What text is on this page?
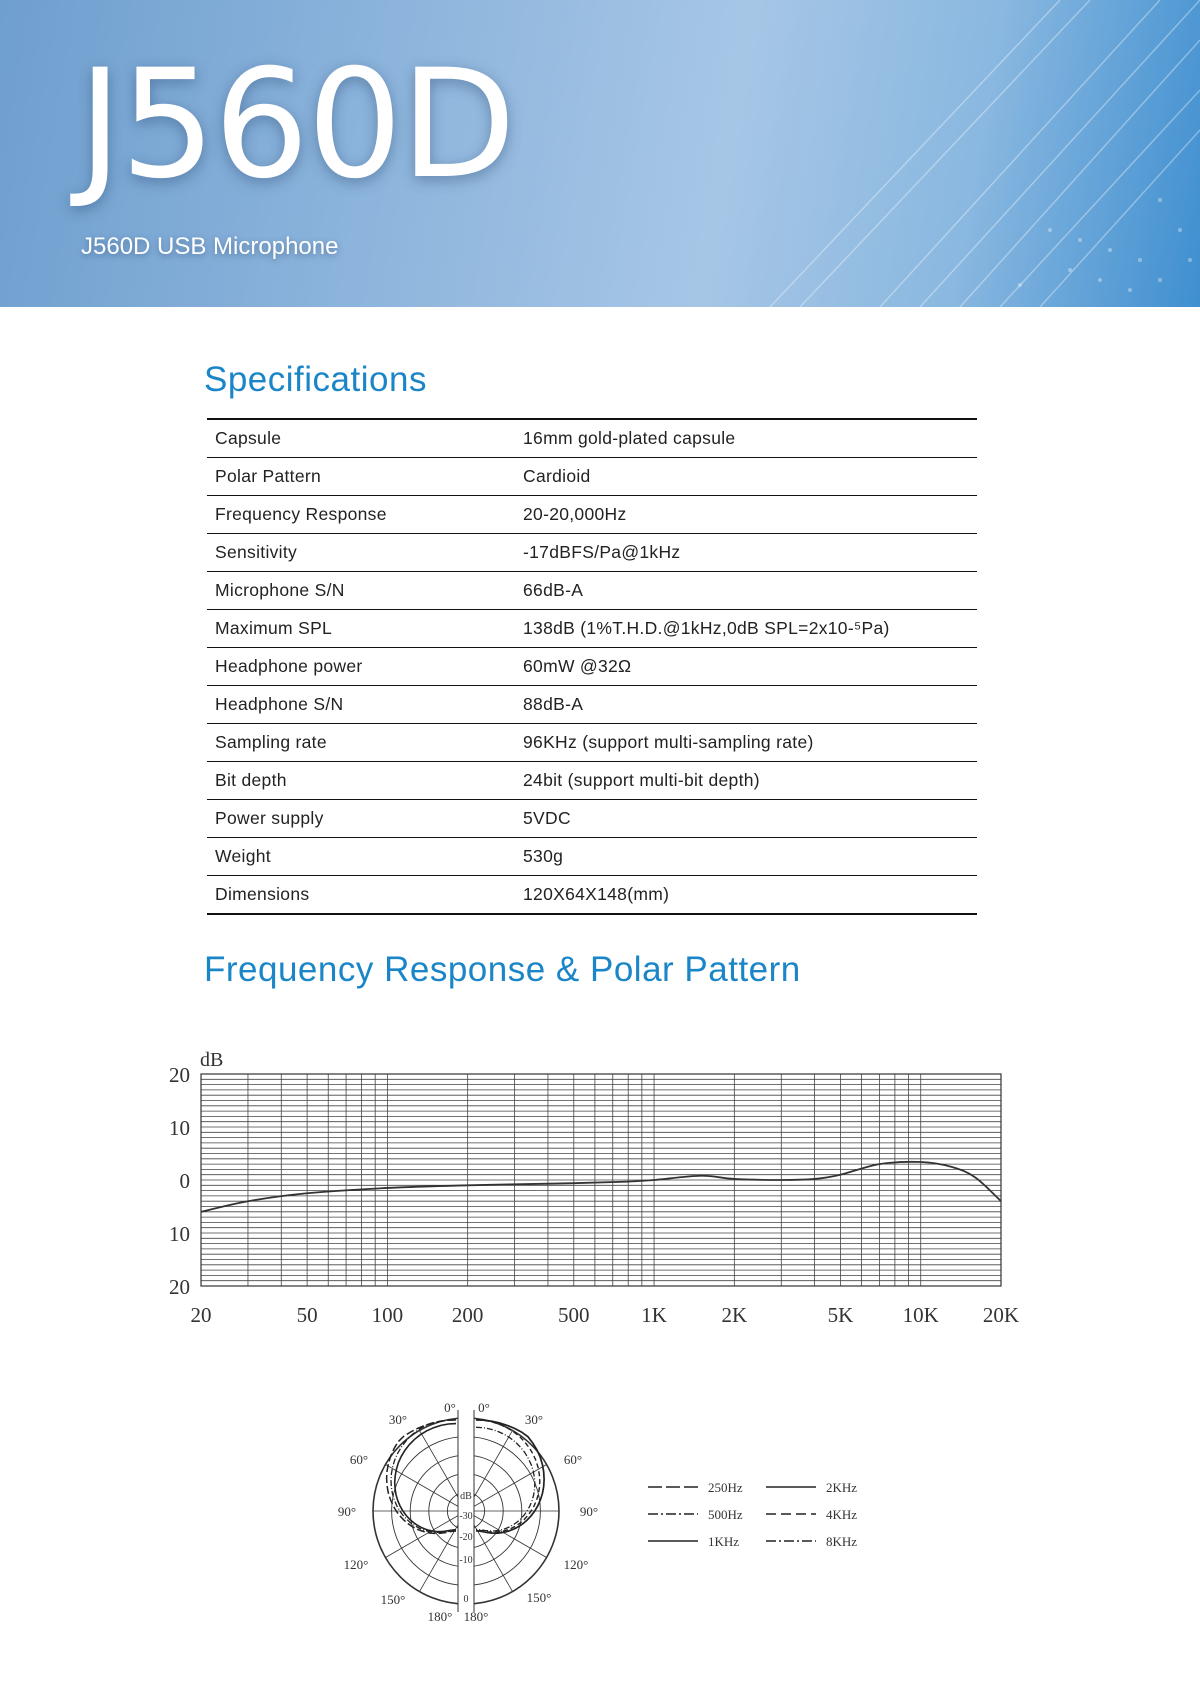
J560D

J560D USB Microphone

Specifications
Capsule	16mm gold-plated capsule
Polar Pattern	Cardioid
Frequency Response	20-20,000Hz
Sensitivity	-17dBFS/Pa@1kHz
Microphone S/N	66dB-A
Maximum SPL	138dB (1%T.H.D.@1kHz,0dB SPL=2x10-⁵Pa)
Headphone power	60mW @32Ω
Headphone S/N	88dB-A
Sampling rate	96KHz (support multi-sampling rate)
Bit depth	24bit (support multi-bit depth)
Power supply	5VDC
Weight	530g
Dimensions	120X64X148(mm)
Frequency Response & Polar Pattern
dB
20
10
0
10
20
20	50	100 200	500 1K	2K	5K 10K 20K
0° 0°
30°	30°
60°	60°
90°	90°
120°	120°
150°	150°
180° 180°
dB
-30
-20
-10
0
250Hz
500Hz
1KHz
2KHz
4KHz
8KHz
